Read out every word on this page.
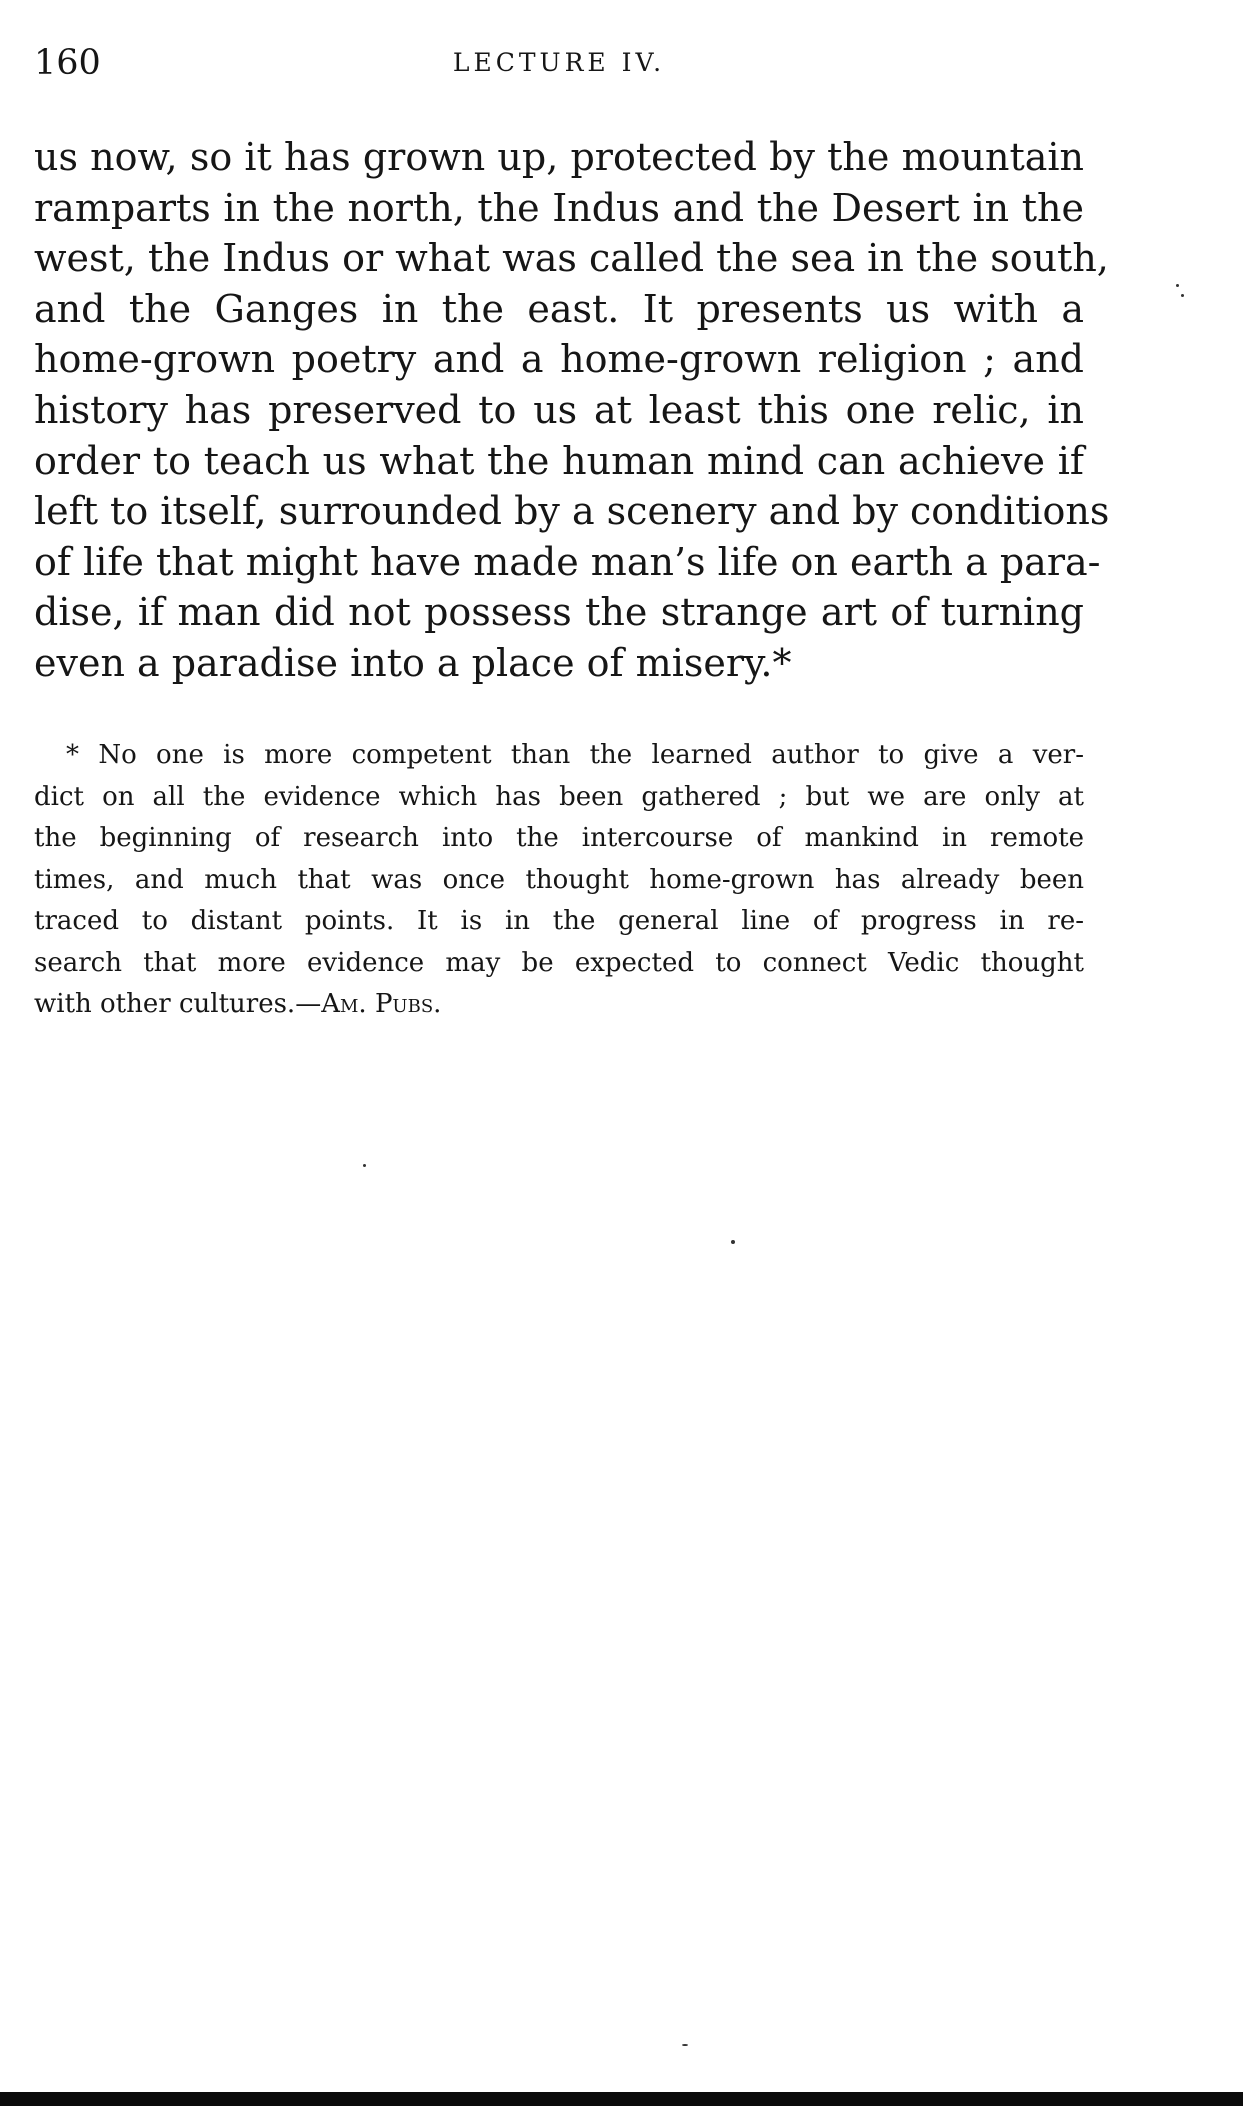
160	LECTURE IV.
us now, so it has grown up, protected by the mountain
ramparts in the north, the Indus and the Desert in the
west, the Indus or what was called the sea in the south,
and the Ganges in the east. It presents us with a
home-grown poetry and a home-grown religion ; and
history has preserved to us at least this one relic, in
order to teach us what the human mind can achieve if
left to itself, surrounded by a scenery and by conditions
of life that might have made man’s life on earth a para-
dise, if man did not possess the strange art of turning
even a paradise into a place of misery.*
* No one is more competent than the learned author to give a ver-
dict on all the evidence which has been gathered ; but we are only at
the beginning of research into the intercourse of mankind in remote
times, and much that was once thought home-grown has already been
traced to distant points. It is in the general line of progress in re-
search that more evidence may be expected to connect Vedic thought
with other cultures.—Am. Pubs.
